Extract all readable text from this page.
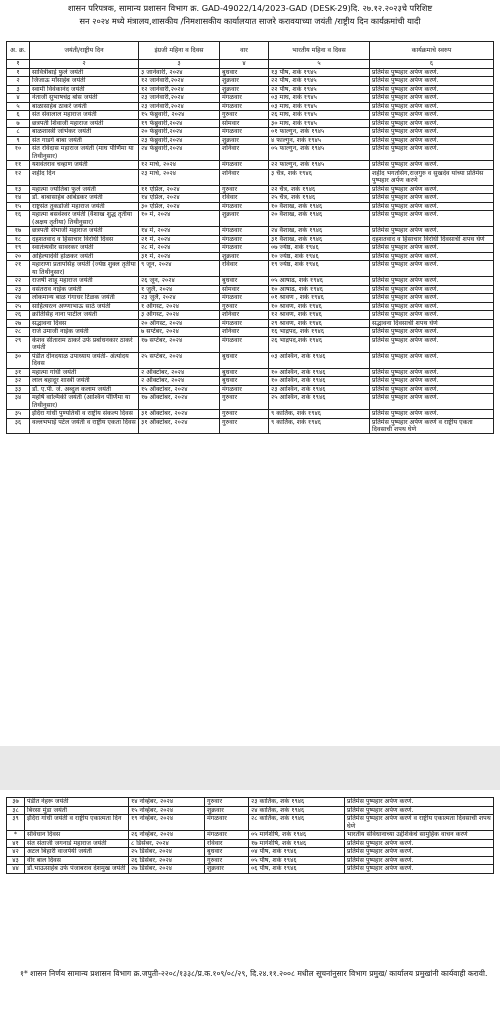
शासन परिपत्रक, सामान्य प्रशासन विभाग क्र. GAD-49022/14/2023-GAD (DESK-29)दि. २७.१२.२०२३चे परिशिष्ट
सन २०२४ मध्ये मंत्रालय,शासकीय /निमशासकीय कार्यालयात साजरे करावयाच्या जयंती /राष्ट्रीय दिन कार्यक्रमांची यादी
अ. क्र.	जयंती/राष्ट्रीय दिन	इंग्रजी महिना व दिवस	वार	भारतीय महिना व दिवस	कार्यक्रमाचे स्वरुप
१	२	३	४	५	६
१	सावित्रीबाई फुले जयंती	३ जानेवारी, २०२४	बुधवार	१३ पौष, शके १९४५	प्रतिमेस पुष्पहार अर्पण करणे.
२	जिजाऊ माँसाहेब जयंती	१२ जानेवारी,२०२४	शुक्रवार	२२ पौष, शके १९४५	प्रतिमेस पुष्पहार अर्पण करणे.
३	स्वामी विवेकानंद जयंती	१२ जानेवारी,२०२४	शुक्रवार	२२ पौष, शके १९४५	प्रतिमेस पुष्पहार अर्पण करणे.
४	नेताजी सुभाषचंद्र बोस जयंती	२३ जानेवारी,२०२४	मंगळवार	०३ माघ, शके १९४५	प्रतिमेस पुष्पहार अर्पण करणे.
५	बाळासाहेब ठाकरे जयंती	२३ जानेवारी,२०२४	मंगळवार	०३ माघ, शके १९४५	प्रतिमेस पुष्पहार अर्पण करणे.
६	संत सेवालाल महाराज जयंती	१५ फेब्रुवारी, २०२४	गुरुवार	२६ माघ, शके १९४५	प्रतिमेस पुष्पहार अर्पण करणे.
७	छत्रपती शिवाजी महाराज जयंती	१९ फेब्रुवारी,२०२४	सोमवार	३० माघ, शके १९४५	प्रतिमेस पुष्पहार अर्पण करणे.
८	बाळशास्त्री जांभेकर जयंती	२० फेब्रुवारी,२०२४	मंगळवार	०१ फाल्गुन, शके १९४५	प्रतिमेस पुष्पहार अर्पण करणे.
९	संत गाडगे बाबा जयंती	२३ फेब्रुवारी,२०२४	शुक्रवार	४ फाल्गुन, शके १९४५	प्रतिमेस पुष्पहार अर्पण करणे.
१०	संत रविदास महाराज जयंती (माघ पौर्णिमा या तिथीनुसार)	२४ फेब्रुवारी,२०२४	शनिवार	०५ फाल्गुन, शके १९४५	प्रतिमेस पुष्पहार अर्पण करणे.
११	यशवंतराव चव्हाण जयंती	१२ मार्च, २०२४	मंगळवार	२२ फाल्गुन, शके १९४५	प्रतिमेस पुष्पहार अर्पण करणे.
१२	शहीद दिन	२३ मार्च, २०२४	शनिवार	३ चैत्र, शके १९४६	शहीद भगतसिंग,राजगुरु व सुखदेव यांच्या प्रतिमेस पुष्पहार अर्पण करणे
१३	महात्मा ज्योतिबा फुले जयंती	११ एप्रिल, २०२४	गुरुवार	२२ चैत्र, शके १९४६	प्रतिमेस पुष्पहार अर्पण करणे.
१४	डॉ. बाबासाहेब आंबेडकर जयंती	१४ एप्रिल, २०२४	रविवार	२५ चैत्र, शके १९४६	प्रतिमेस पुष्पहार अर्पण करणे.
१५	राष्ट्रसंत तुकडोजी महाराज जयंती	३० एप्रिल, २०२४	मंगळवार	१० वैशाख, शके १९४६	प्रतिमेस पुष्पहार अर्पण करणे.
१६	महात्मा बसवेश्वर जयंती (वैशाख शुद्ध तृतीया (अक्षय तृतीया) तिथीनुसार)	१० मे, २०२४	शुक्रवार	२० वैशाख, शके १९४६	प्रतिमेस पुष्पहार अर्पण करणे.
१७	छत्रपती संभाजी महाराज जयंती	१४ मे, २०२४	मंगळवार	२४ वैशाख, शके १९४६	प्रतिमेस पुष्पहार अर्पण करणे.
१८	दहशतवाद व हिंसाचार विरोधी दिवस	२१ मे, २०२४	मंगळवार	३१ वैशाख, शके १९४६	दहशतवाद व हिंसाचार विरोधी दिवसाची शपथ घेणे
१९	स्वातंत्र्यवीर सावरकर जयंती	२८ मे, २०२४	मंगळवार	०७ ज्येष्ठ, शके १९४६	प्रतिमेस पुष्पहार अर्पण करणे.
२०	अहिल्यादेवी होळकर जयंती	३१ मे, २०२४	शुक्रवार	१० ज्येष्ठ, शके १९४६	प्रतिमेस पुष्पहार अर्पण करणे.
२१	महाराणा प्रतापसिंह जयंती (ज्येष्ठ शुक्ल तृतीया या तिथीनुसार)	९ जून, २०२४	रविवार	१९ ज्येष्ठ, शके १९४६	प्रतिमेस पुष्पहार अर्पण करणे.
२२	राजर्षी शाहू महाराज जयंती	२६ जून, २०२४	बुधवार	०५ आषाढ, शके १९४६	प्रतिमेस पुष्पहार अर्पण करणे.
२३	वसंतराव नाईक जयंती	१ जुलै, २०२४	सोमवार	१० आषाढ, शके १९४६	प्रतिमेस पुष्पहार अर्पण करणे.
२४	लोकमान्य बाळ गंगाधर टिळक जयंती	२३ जुलै, २०२४	मंगळवार	०१ श्रावण , शके १९४६	प्रतिमेस पुष्पहार अर्पण करणे.
२५	साहित्यरत्न अण्णाभाऊ साठे जयंती	१ ऑगस्ट, २०२४	गुरुवार	१० श्रावण, शके १९४६	प्रतिमेस पुष्पहार अर्पण करणे.
२६	क्रांतिसिंह नाना पाटील जयंती	३ ऑगस्ट, २०२४	शनिवार	१२ श्रावण, शके १९४६	प्रतिमेस पुष्पहार अर्पण करणे.
२७	सद्भावना दिवस	२० ऑगस्ट, २०२४	मंगळवार	२९ श्रावण, शके १९४६	सद्भावना दिवसाची शपथ घेणे
२८	राजे उमाजी नाईक जयंती	७ सप्टेंबर, २०२४	शनिवार	१६ भाद्रपद, शके १९४६	प्रतिमेस पुष्पहार अर्पण करणे.
२९	केशव सीताराम ठाकरे उर्फ प्रबोधनकार ठाकरे जयंती	१७ सप्टेंबर, २०२४	मंगळवार	२६ भाद्रपद,शके १९४६	प्रतिमेस पुष्पहार अर्पण करणे.
३०	पंडीत दीनदयाळ उपाध्याय जयंती- अंत्योदय दिवस	२५ सप्टेंबर, २०२४	बुधवार	०३ आश्विन, शके १९४६	प्रतिमेस पुष्पहार अर्पण करणे.
३१	महात्मा गांधी जयंती	२ ऑक्टोबर, २०२४	बुधवार	१० आश्विन, शके १९४६	प्रतिमेस पुष्पहार अर्पण करणे.
३२	लाल बहादूर शास्त्री जयंती	२ ऑक्टोबर, २०२४	बुधवार	१० आश्विन, शके १९४६	प्रतिमेस पुष्पहार अर्पण करणे.
३३	डॉ. ए.पी. जे. अब्दुल कलाम जयंती	१५ ऑक्टोबर, २०२४	मंगळवार	२३ आश्विन, शके १९४६	प्रतिमेस पुष्पहार अर्पण करणे.
३४	महर्षि वाल्मिकी जयंती (आश्विन पौर्णिमा या तिथीनुसार)	१७ ऑक्टोबर, २०२४	गुरुवार	२५ आश्विन, शके १९४६	प्रतिमेस पुष्पहार अर्पण करणे.
३५	इंदिरा गांधी पुण्यतिथी व राष्ट्रीय संकल्प दिवस	३१ ऑक्टोबर, २०२४	गुरुवार	९ कार्तिक, शके १९४६	प्रतिमेस पुष्पहार अर्पण करणे.
३६	वल्लभभाई पटेल जयंती व राष्ट्रीय एकता दिवस	३१ ऑक्टोबर, २०२४	गुरुवार	९ कार्तिक, शके १९४६	प्रतिमेस पुष्पहार अर्पण करणे व राष्ट्रीय एकता दिवसाची शपथ घेणे
३७	पंडीत नेहरू जयंती	१४ नोव्हेंबर, २०२४	गुरुवार	२३ कार्तिक, शके १९४६	प्रतिमेस पुष्पहार अर्पण करणे.
३८	बिरसा मुंडा जयंती	१५ नोव्हेंबर, २०२४	शुक्रवार	२४ कार्तिक, शके १९४६	प्रतिमेस पुष्पहार अर्पण करणे.
३९	इंदिरा गांधी जयंती व राष्ट्रीय एकात्मता दिन	१९ नोव्हेंबर, २०२४	मंगळवार	२८ कार्तिक, शके १९४६	प्रतिमेस पुष्पहार अर्पण करणे व राष्ट्रीय एकात्मता दिवसाची शपथ घेणे
*	संविधान दिवस	२६ नोव्हेंबर, २०२४	मंगळवार	०५ मार्गशीर्ष, शके १९४६	भारतीय संविधानाच्या उद्देशिकेचे सामुहिक वाचन करणे
४१	संत संताजी जगनाडे महाराज जयंती	८ डिसेंबर, २०२४	रविवार	१७ मार्गशीर्ष, शके १९४६	प्रतिमेस पुष्पहार अर्पण करणे.
४२	अटल बिहारी वाजपेयी जयंती	२५ डिसेंबर, २०२४	बुधवार	०४ पौष, शके १९४६	प्रतिमेस पुष्पहार अर्पण करणे.
४३	वीर बाल दिवस	२६ डिसेंबर, २०२४	गुरुवार	०५ पौष, शके १९४६	प्रतिमेस पुष्पहार अर्पण करणे.
४४	डॉ.भाऊसाहेब उर्फ पंजाबराव देशमुख जयंती	२७ डिसेंबर, २०२४	शुक्रवार	०६ पौष, शके १९४६	प्रतिमेस पुष्पहार अर्पण करणे.
१* शासन निर्णय सामान्य प्रशासन विभाग क्र.जपुती-२२०८/१३३८/प्र.क.१०९/०८/२९, दि.२४.११.२००८ मधील सूचनांनुसार विभाग प्रमुख/ कार्यालय प्रमुखांनी कार्यवाही करावी.
